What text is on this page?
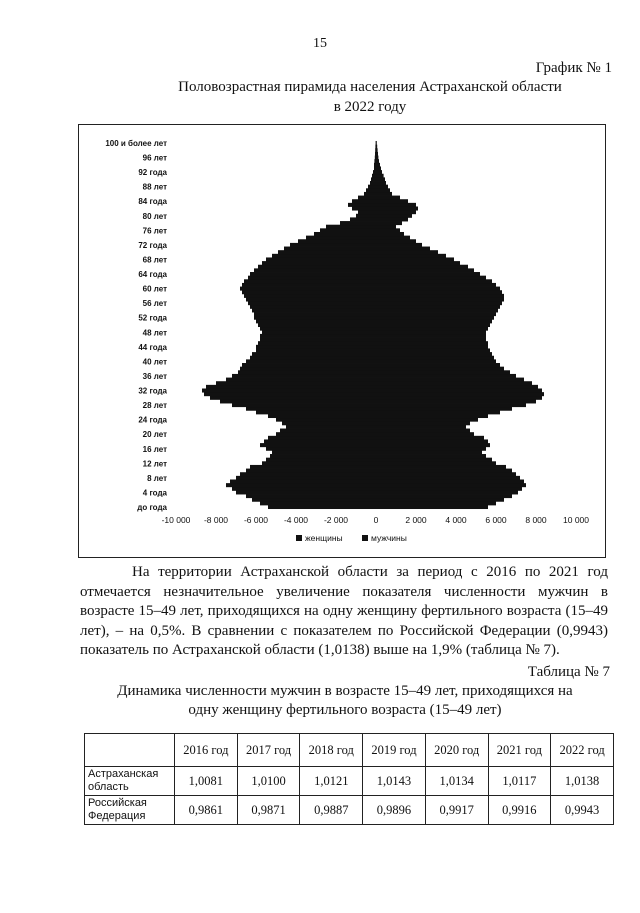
15
График № 1
Половозрастная пирамида населения Астраханской области
в 2022 году
100 и более лет
96 лет
92 года
88 лет
84 года
80 лет
76 лет
72 года
68 лет
64 года
60 лет
56 лет
52 года
48 лет
44 года
40 лет
36 лет
32 года
28 лет
24 года
20 лет
16 лет
12 лет
8 лет
4 года
до года
-10 000 -8 000 -6 000 -4 000 -2 000	0	2 000 4 000 6 000 8 000 10 000
женщины	мужчины
На территории Астраханской области за период с 2016 по 2021 год отмечается незначительное увеличение показателя численности мужчин в возрасте 15–49 лет, приходящихся на одну женщину фертильного возраста (15–49 лет), – на 0,5%. В сравнении с показателем по Российской Федерации (0,9943) показатель по Астраханской области (1,0138) выше на 1,9% (таблица № 7).
Таблица № 7
Динамика численности мужчин в возрасте 15–49 лет, приходящихся на
одну женщину фертильного возраста (15–49 лет)
	2016 год	2017 год	2018 год	2019 год	2020 год	2021 год	2022 год
Астраханская область	1,0081	1,0100	1,0121	1,0143	1,0134	1,0117	1,0138
Российская Федерация	0,9861	0,9871	0,9887	0,9896	0,9917	0,9916	0,9943
